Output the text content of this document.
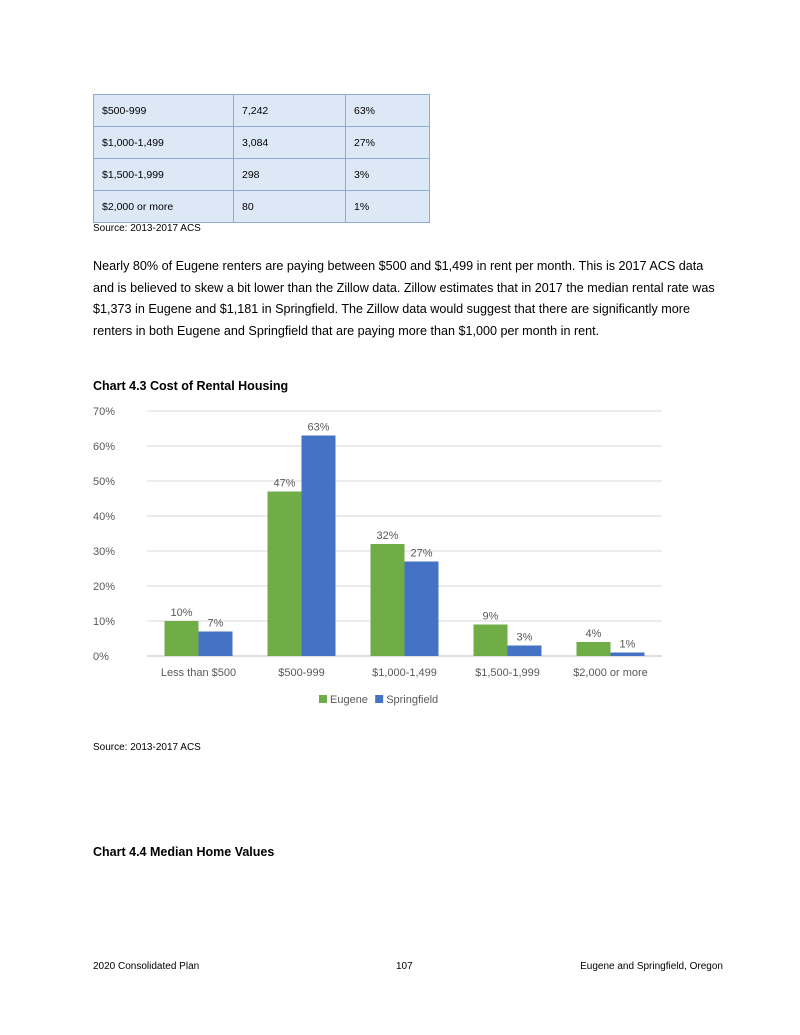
$500-999	7,242	63%
$1,000-1,499	3,084	27%
$1,500-1,999	298	3%
$2,000 or more	80	1%
Source: 2013-2017 ACS

Nearly 80% of Eugene renters are paying between $500 and $1,499 in rent per month. This is 2017 ACS data and is believed to skew a bit lower than the Zillow data. Zillow estimates that in 2017 the median rental rate was $1,373 in Eugene and $1,181 in Springfield. The Zillow data would suggest that there are significantly more renters in both Eugene and Springfield that are paying more than $1,000 per month in rent.

Chart 4.3 Cost of Rental Housing
0%
10%
20%
30%
40%
50%
60%
70%
10%
7%
Less than $500
47%
63%
$500-999
32%
27%
$1,000-1,499
9%
3%
$1,500-1,999
4%
1%
$2,000 or more
Eugene Springfield
Source: 2013-2017 ACS
Chart 4.4 Median Home Values
2020 Consolidated Plan	107	Eugene and Springfield, Oregon
